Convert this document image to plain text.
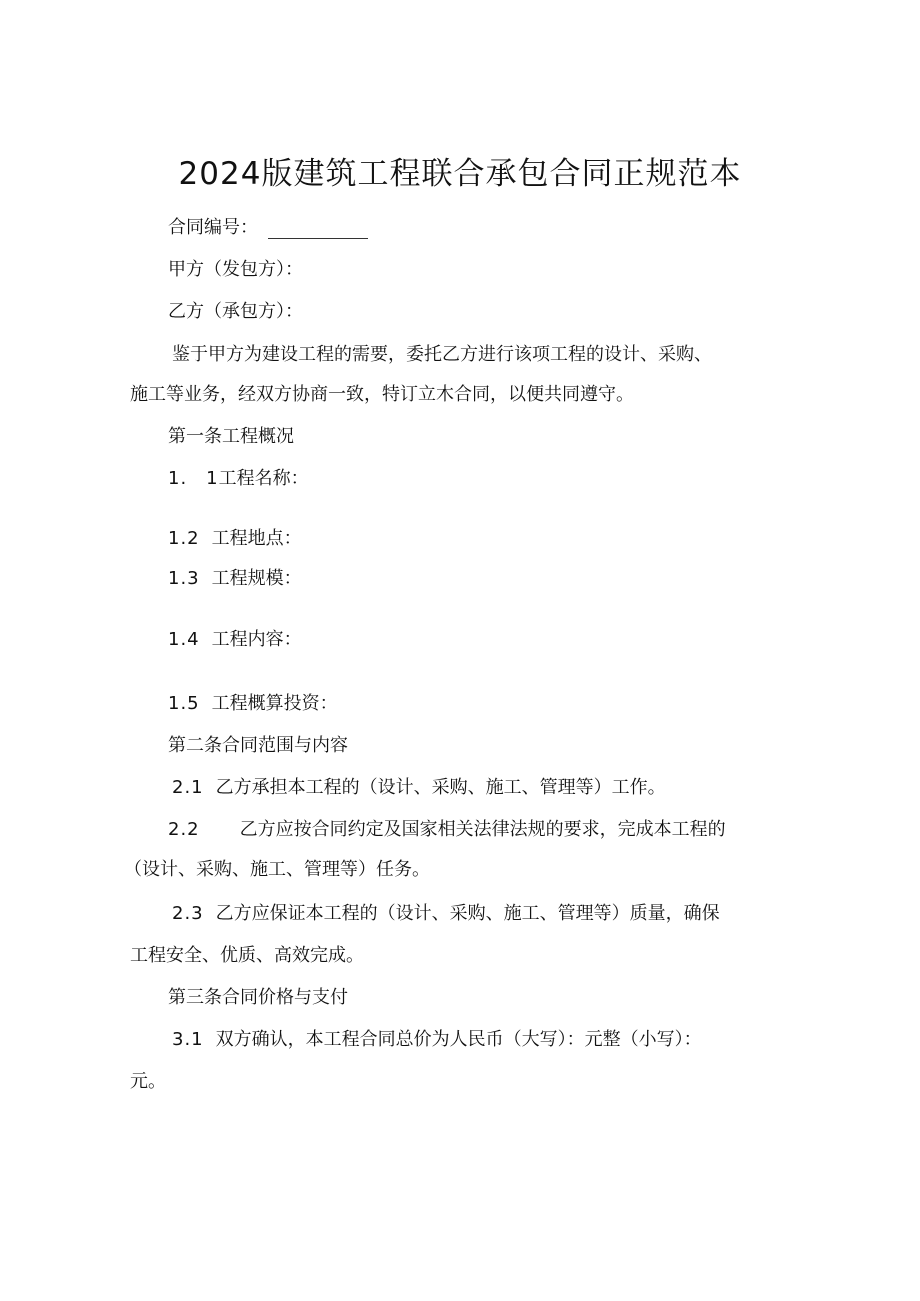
2024版建筑工程联合承包合同正规范本
合同编号：
甲方（发包方）：
乙方（承包方）：
鉴于甲方为建设工程的需要，委托乙方进行该项工程的设计、采购、
施工等业务，经双方协商一致，特订立木合同，以便共同遵守。
第一条工程概况
1.　1工程名称：
1.2 工程地点：
1.3 工程规模：
1.4 工程内容：
1.5 工程概算投资：
第二条合同范围与内容
2.1 乙方承担本工程的（设计、采购、施工、管理等）工作。
2.2 乙方应按合同约定及国家相关法律法规的要求，完成本工程的
（设计、采购、施工、管理等）任务。
2.3 乙方应保证本工程的（设计、采购、施工、管理等）质量，确保
工程安全、优质、高效完成。
第三条合同价格与支付
3.1 双方确认，本工程合同总价为人民币（大写）：元整（小写）：
元。
